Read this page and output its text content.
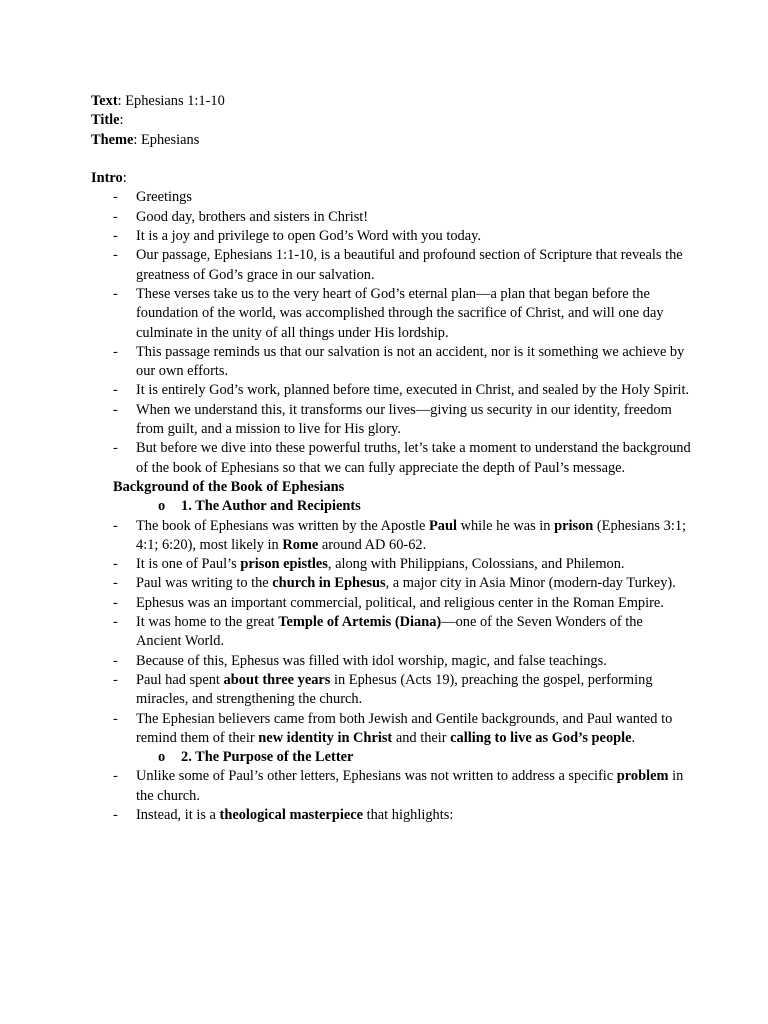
Text: Ephesians 1:1-10
Title:
Theme: Ephesians
Intro:
- Greetings
- Good day, brothers and sisters in Christ!
- It is a joy and privilege to open God’s Word with you today.
- Our passage, Ephesians 1:1-10, is a beautiful and profound section of Scripture that reveals the greatness of God’s grace in our salvation.
- These verses take us to the very heart of God’s eternal plan—a plan that began before the foundation of the world, was accomplished through the sacrifice of Christ, and will one day culminate in the unity of all things under His lordship.
- This passage reminds us that our salvation is not an accident, nor is it something we achieve by our own efforts.
- It is entirely God’s work, planned before time, executed in Christ, and sealed by the Holy Spirit.
- When we understand this, it transforms our lives—giving us security in our identity, freedom from guilt, and a mission to live for His glory.
- But before we dive into these powerful truths, let’s take a moment to understand the background of the book of Ephesians so that we can fully appreciate the depth of Paul’s message.
Background of the Book of Ephesians
o 1. The Author and Recipients
- The book of Ephesians was written by the Apostle Paul while he was in prison (Ephesians 3:1; 4:1; 6:20), most likely in Rome around AD 60-62.
- It is one of Paul’s prison epistles, along with Philippians, Colossians, and Philemon.
- Paul was writing to the church in Ephesus, a major city in Asia Minor (modern-day Turkey).
- Ephesus was an important commercial, political, and religious center in the Roman Empire.
- It was home to the great Temple of Artemis (Diana)—one of the Seven Wonders of the Ancient World.
- Because of this, Ephesus was filled with idol worship, magic, and false teachings.
- Paul had spent about three years in Ephesus (Acts 19), preaching the gospel, performing miracles, and strengthening the church.
- The Ephesian believers came from both Jewish and Gentile backgrounds, and Paul wanted to remind them of their new identity in Christ and their calling to live as God’s people.
o 2. The Purpose of the Letter
- Unlike some of Paul’s other letters, Ephesians was not written to address a specific problem in the church.
- Instead, it is a theological masterpiece that highlights:
